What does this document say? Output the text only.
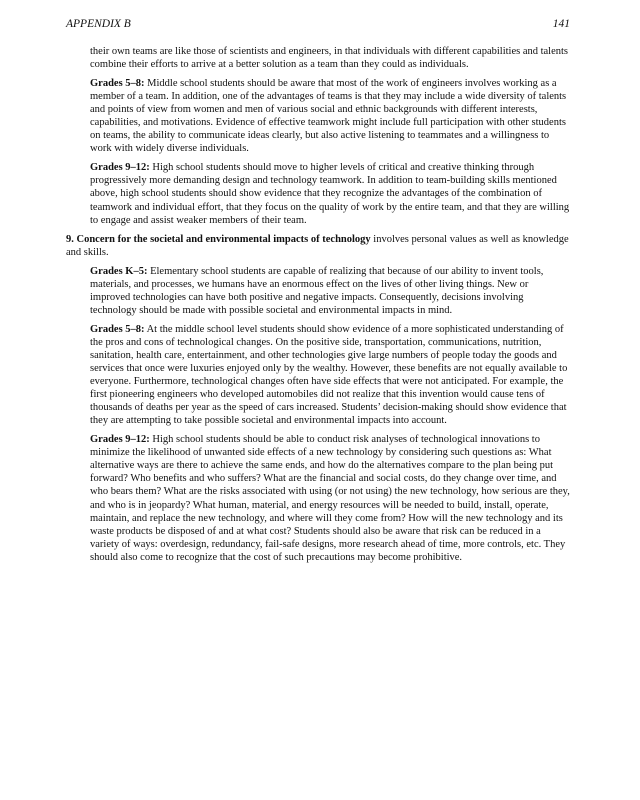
APPENDIX B	141

their own teams are like those of scientists and engineers, in that individuals with different capabilities and talents combine their efforts to arrive at a better solution as a team than they could as individuals.

Grades 5–8: Middle school students should be aware that most of the work of engineers involves working as a member of a team. In addition, one of the advantages of teams is that they may include a wide diversity of talents and points of view from women and men of various social and ethnic backgrounds with different interests, capabilities, and motivations. Evidence of effective teamwork might include full participation with other students on teams, the ability to communicate ideas clearly, but also active listening to teammates and a willingness to work with widely diverse individuals.

Grades 9–12: High school students should move to higher levels of critical and creative thinking through progressively more demanding design and technology teamwork. In addition to team-building skills mentioned above, high school students should show evidence that they recognize the advantages of the combination of teamwork and individual effort, that they focus on the quality of work by the entire team, and that they are willing to engage and assist weaker members of their team.

9. Concern for the societal and environmental impacts of technology involves personal values as well as knowledge and skills.

Grades K–5: Elementary school students are capable of realizing that because of our ability to invent tools, materials, and processes, we humans have an enormous effect on the lives of other living things. New or improved technologies can have both positive and negative impacts. Consequently, decisions involving technology should be made with possible societal and environmental impacts in mind.

Grades 5–8: At the middle school level students should show evidence of a more sophisticated understanding of the pros and cons of technological changes. On the positive side, transportation, communications, nutrition, sanitation, health care, entertainment, and other technologies give large numbers of people today the goods and services that once were luxuries enjoyed only by the wealthy. However, these benefits are not equally available to everyone. Furthermore, technological changes often have side effects that were not anticipated. For example, the first pioneering engineers who developed automobiles did not realize that this invention would cause tens of thousands of deaths per year as the speed of cars increased. Students’ decision-making should show evidence that they are attempting to take possible societal and environmental impacts into account.

Grades 9–12: High school students should be able to conduct risk analyses of technological innovations to minimize the likelihood of unwanted side effects of a new technology by considering such questions as: What alternative ways are there to achieve the same ends, and how do the alternatives compare to the plan being put forward? Who benefits and who suffers? What are the financial and social costs, do they change over time, and who bears them? What are the risks associated with using (or not using) the new technology, how serious are they, and who is in jeopardy? What human, material, and energy resources will be needed to build, install, operate, maintain, and replace the new technology, and where will they come from? How will the new technology and its waste products be disposed of and at what cost? Students should also be aware that risk can be reduced in a variety of ways: overdesign, redundancy, fail-safe designs, more research ahead of time, more controls, etc. They should also come to recognize that the cost of such precautions may become prohibitive.
